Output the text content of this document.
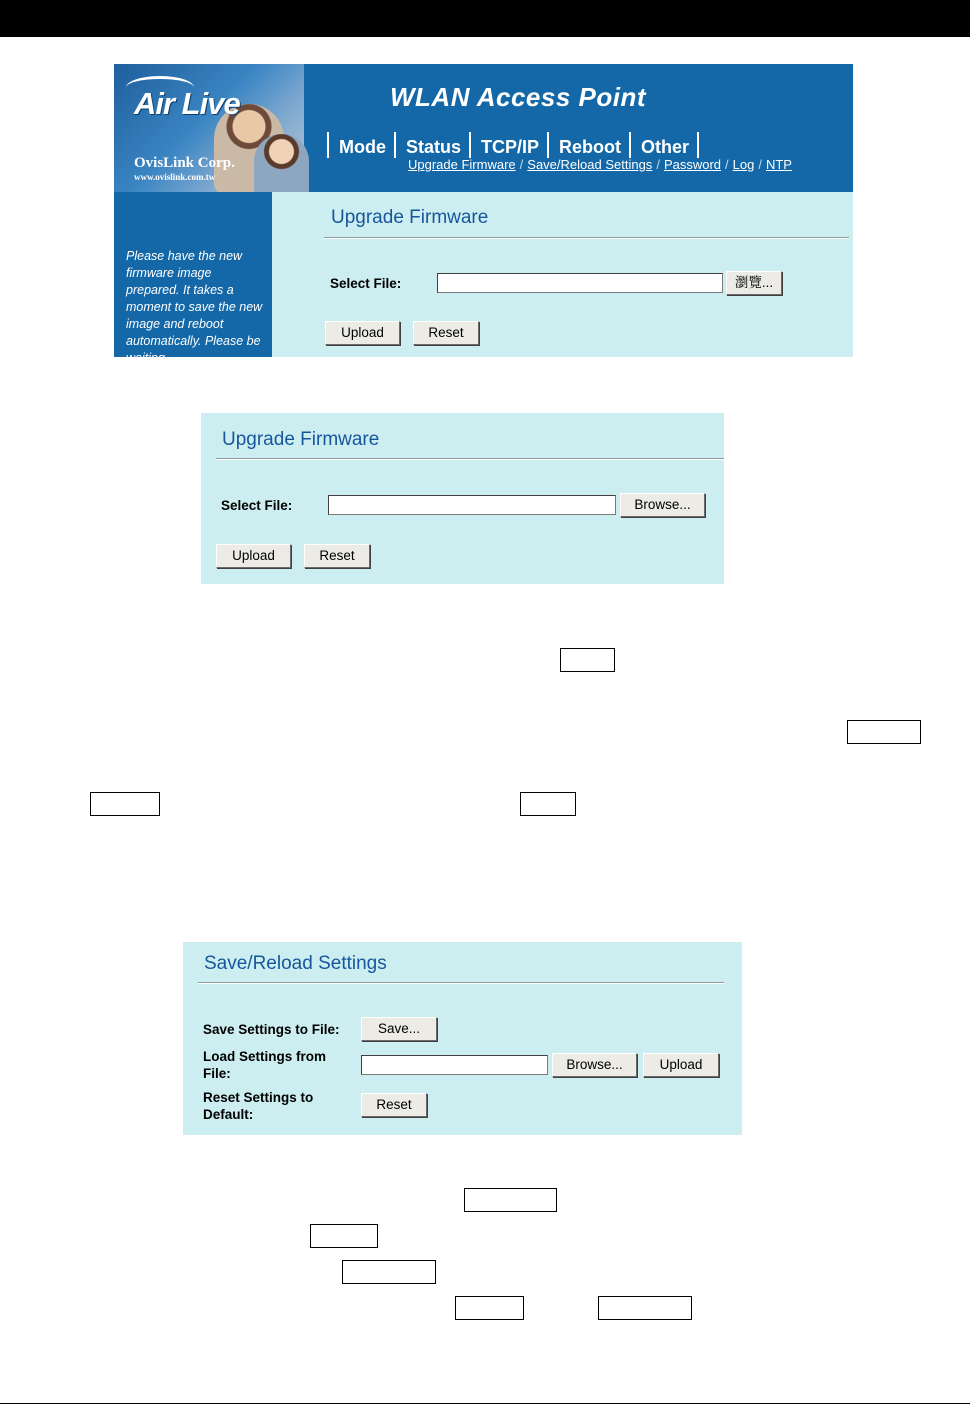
Air Live
OvisLink Corp.
www.ovislink.com.tw
WLAN Access Point
Mode	Status	TCP/IP	Reboot	Other
Upgrade Firmware / Save/Reload Settings / Password / Log / NTP
Please have the new firmware image prepared. It takes a moment to save the new image and reboot automatically. Please be waiting.
Upgrade Firmware
Select File:	瀏覽...
Upload	Reset
Upgrade Firmware
Select File:	Browse...
Upload	Reset
Save/Reload Settings
Save Settings to File:	Save...
Load Settings from
File:
Browse...	Upload
Reset Settings to
Default:
Reset
